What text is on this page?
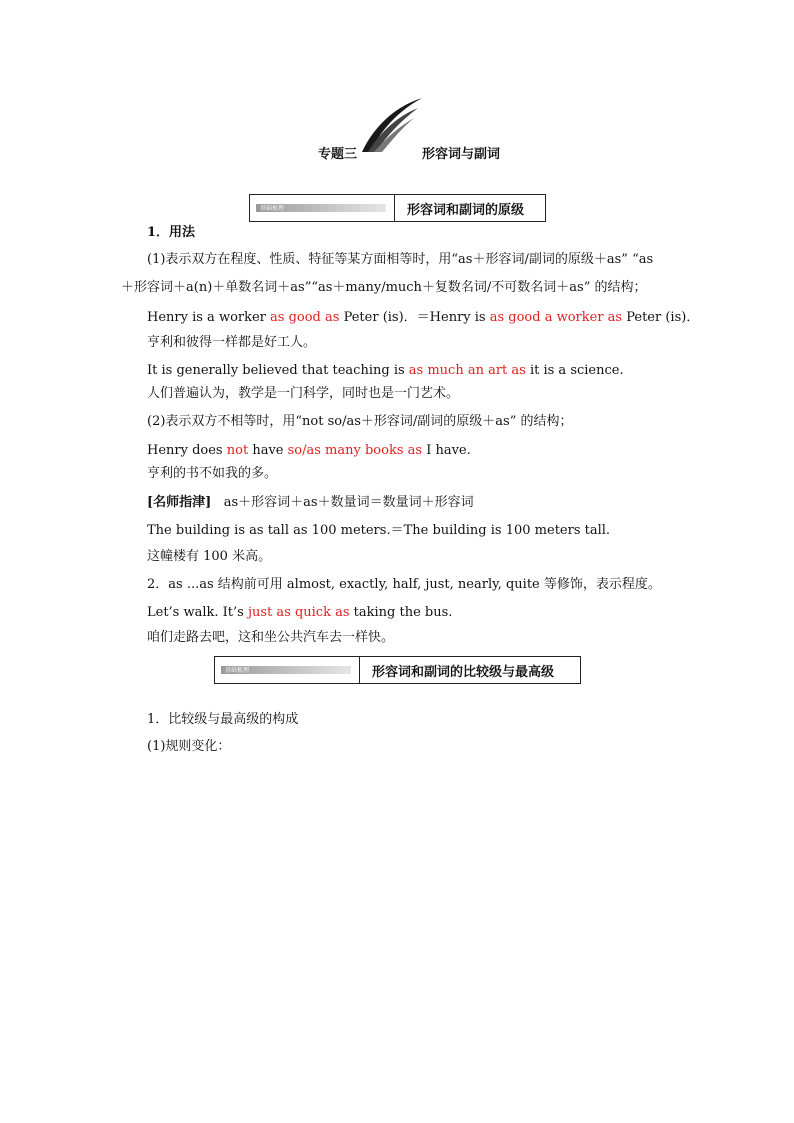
专题三	形容词与副词
基础梳理	形容词和副词的原级
1．用法
(1)表示双方在程度、性质、特征等某方面相等时，用“as＋形容词/副词的原级＋as” “as
＋形容词＋a(n)＋单数名词＋as”“as＋many/much＋复数名词/不可数名词＋as” 的结构；
Henry is a worker as good as Peter (is)．＝Henry is as good a worker as Peter (is)．
亨利和彼得一样都是好工人。
It is generally believed that teaching is as much an art as it is a science.
人们普遍认为，教学是一门科学，同时也是一门艺术。
(2)表示双方不相等时，用“not so/as＋形容词/副词的原级＋as” 的结构；
Henry does not have so/as many books as I have.
亨利的书不如我的多。
[名师指津] as＋形容词＋as＋数量词＝数量词＋形容词
The building is as tall as 100 meters.＝The building is 100 meters tall.
这幢楼有 100 米高。
2．as ...as 结构前可用 almost, exactly, half, just, nearly, quite 等修饰，表示程度。
Let’s walk. It’s just as quick as taking the bus.
咱们走路去吧，这和坐公共汽车去一样快。
基础梳理	形容词和副词的比较级与最高级
1．比较级与最高级的构成
(1)规则变化：
